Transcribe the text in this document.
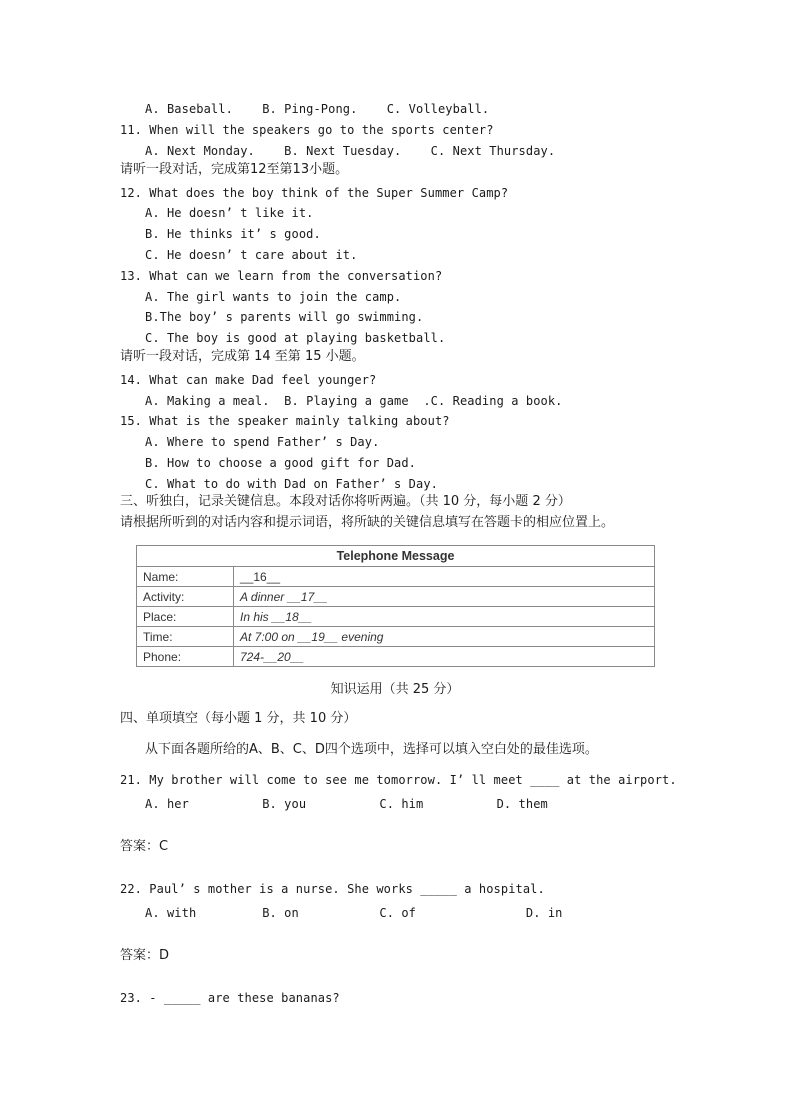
A. Baseball.    B. Ping-Pong.    C. Volleyball.
11. When will the speakers go to the sports center?
A. Next Monday.    B. Next Tuesday.    C. Next Thursday.
请听一段对话，完成第12至第13小题。
12. What does the boy think of the Super Summer Camp?
A. He doesn’ t like it.
B. He thinks it’ s good.
C. He doesn’ t care about it.
13. What can we learn from the conversation?
A. The girl wants to join the camp.
B.The boy’ s parents will go swimming.
C. The boy is good at playing basketball.
请听一段对话，完成第 14 至第 15 小题。
14. What can make Dad feel younger?
A. Making a meal.  B. Playing a game  .C. Reading a book.
15. What is the speaker mainly talking about?
A. Where to spend Father’ s Day.
B. How to choose a good gift for Dad.
C. What to do with Dad on Father’ s Day.
三、听独白，记录关键信息。本段对话你将听两遍。（共 10 分，每小题 2 分）
请根据所听到的对话内容和提示词语，将所缺的关键信息填写在答题卡的相应位置上。
Telephone Message	
Name:	__16__
Activity:	A dinner __17__
Place:	In his __18__
Time:	At 7:00 on __19__ evening
Phone:	724-__20__
知识运用（共 25 分）
四、单项填空（每小题 1 分，共 10 分）
从下面各题所给的A、B、C、D四个选项中，选择可以填入空白处的最佳选项。
21. My brother will come to see me tomorrow. I’ ll meet ____ at the airport.
A. her          B. you          C. him          D. them
答案：C
22. Paul’ s mother is a nurse. She works _____ a hospital.
A. with         B. on           C. of               D. in
答案：D
23. - _____ are these bananas?
